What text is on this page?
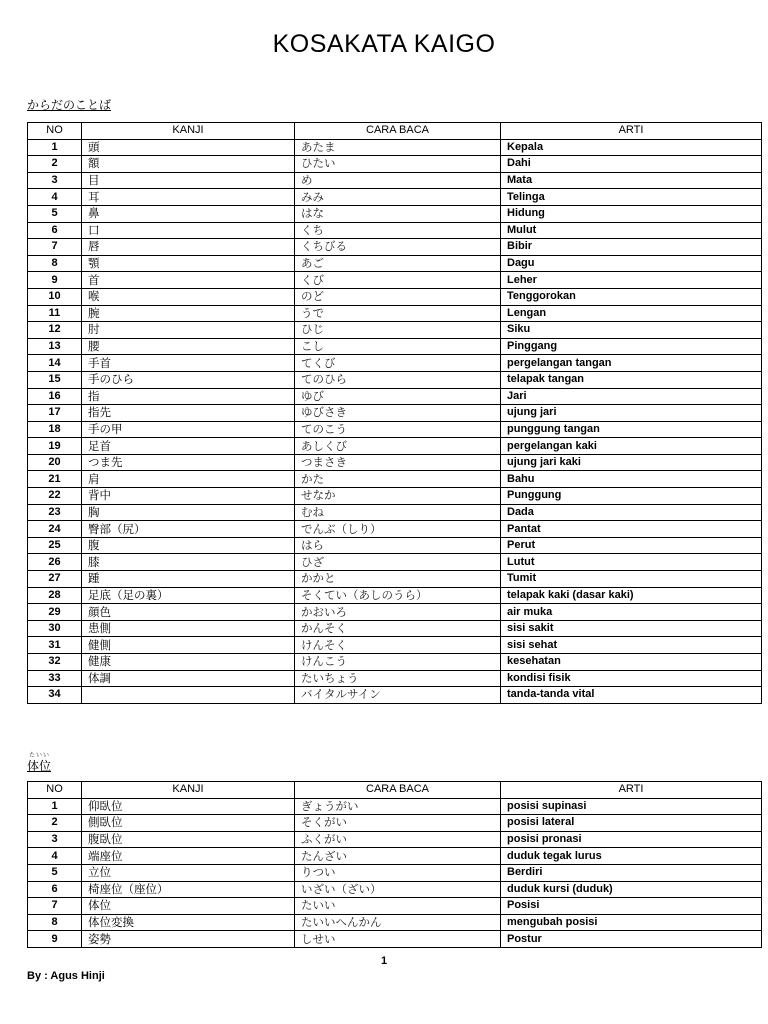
KOSAKATA KAIGO
からだのことば
NO	KANJI	CARA BACA	ARTI
1	頭	あたま	Kepala
2	額	ひたい	Dahi
3	目	め	Mata
4	耳	みみ	Telinga
5	鼻	はな	Hidung
6	口	くち	Mulut
7	唇	くちびる	Bibir
8	顎	あご	Dagu
9	首	くび	Leher
10	喉	のど	Tenggorokan
11	腕	うで	Lengan
12	肘	ひじ	Siku
13	腰	こし	Pinggang
14	手首	てくび	pergelangan tangan
15	手のひら	てのひら	telapak tangan
16	指	ゆび	Jari
17	指先	ゆびさき	ujung jari
18	手の甲	てのこう	punggung tangan
19	足首	あしくび	pergelangan kaki
20	つま先	つまさき	ujung jari kaki
21	肩	かた	Bahu
22	背中	せなか	Punggung
23	胸	むね	Dada
24	臀部（尻）	でんぶ（しり）	Pantat
25	腹	はら	Perut
26	膝	ひざ	Lutut
27	踵	かかと	Tumit
28	足底（足の裏）	そくてい（あしのうら）	telapak kaki (dasar kaki)
29	顔色	かおいろ	air muka
30	患側	かんそく	sisi sakit
31	健側	けんそく	sisi sehat
32	健康	けんこう	kesehatan
33	体調	たいちょう	kondisi fisik
34		バイタルサイン	tanda-tanda vital
たいい
体位
NO	KANJI	CARA BACA	ARTI
1	仰臥位	ぎょうがい	posisi supinasi
2	側臥位	そくがい	posisi lateral
3	腹臥位	ふくがい	posisi pronasi
4	端座位	たんざい	duduk tegak lurus
5	立位	りつい	Berdiri
6	椅座位（座位）	いざい（ざい）	duduk kursi (duduk)
7	体位	たいい	Posisi
8	体位変換	たいいへんかん	mengubah posisi
9	姿勢	しせい	Postur
1
By : Agus Hinji
